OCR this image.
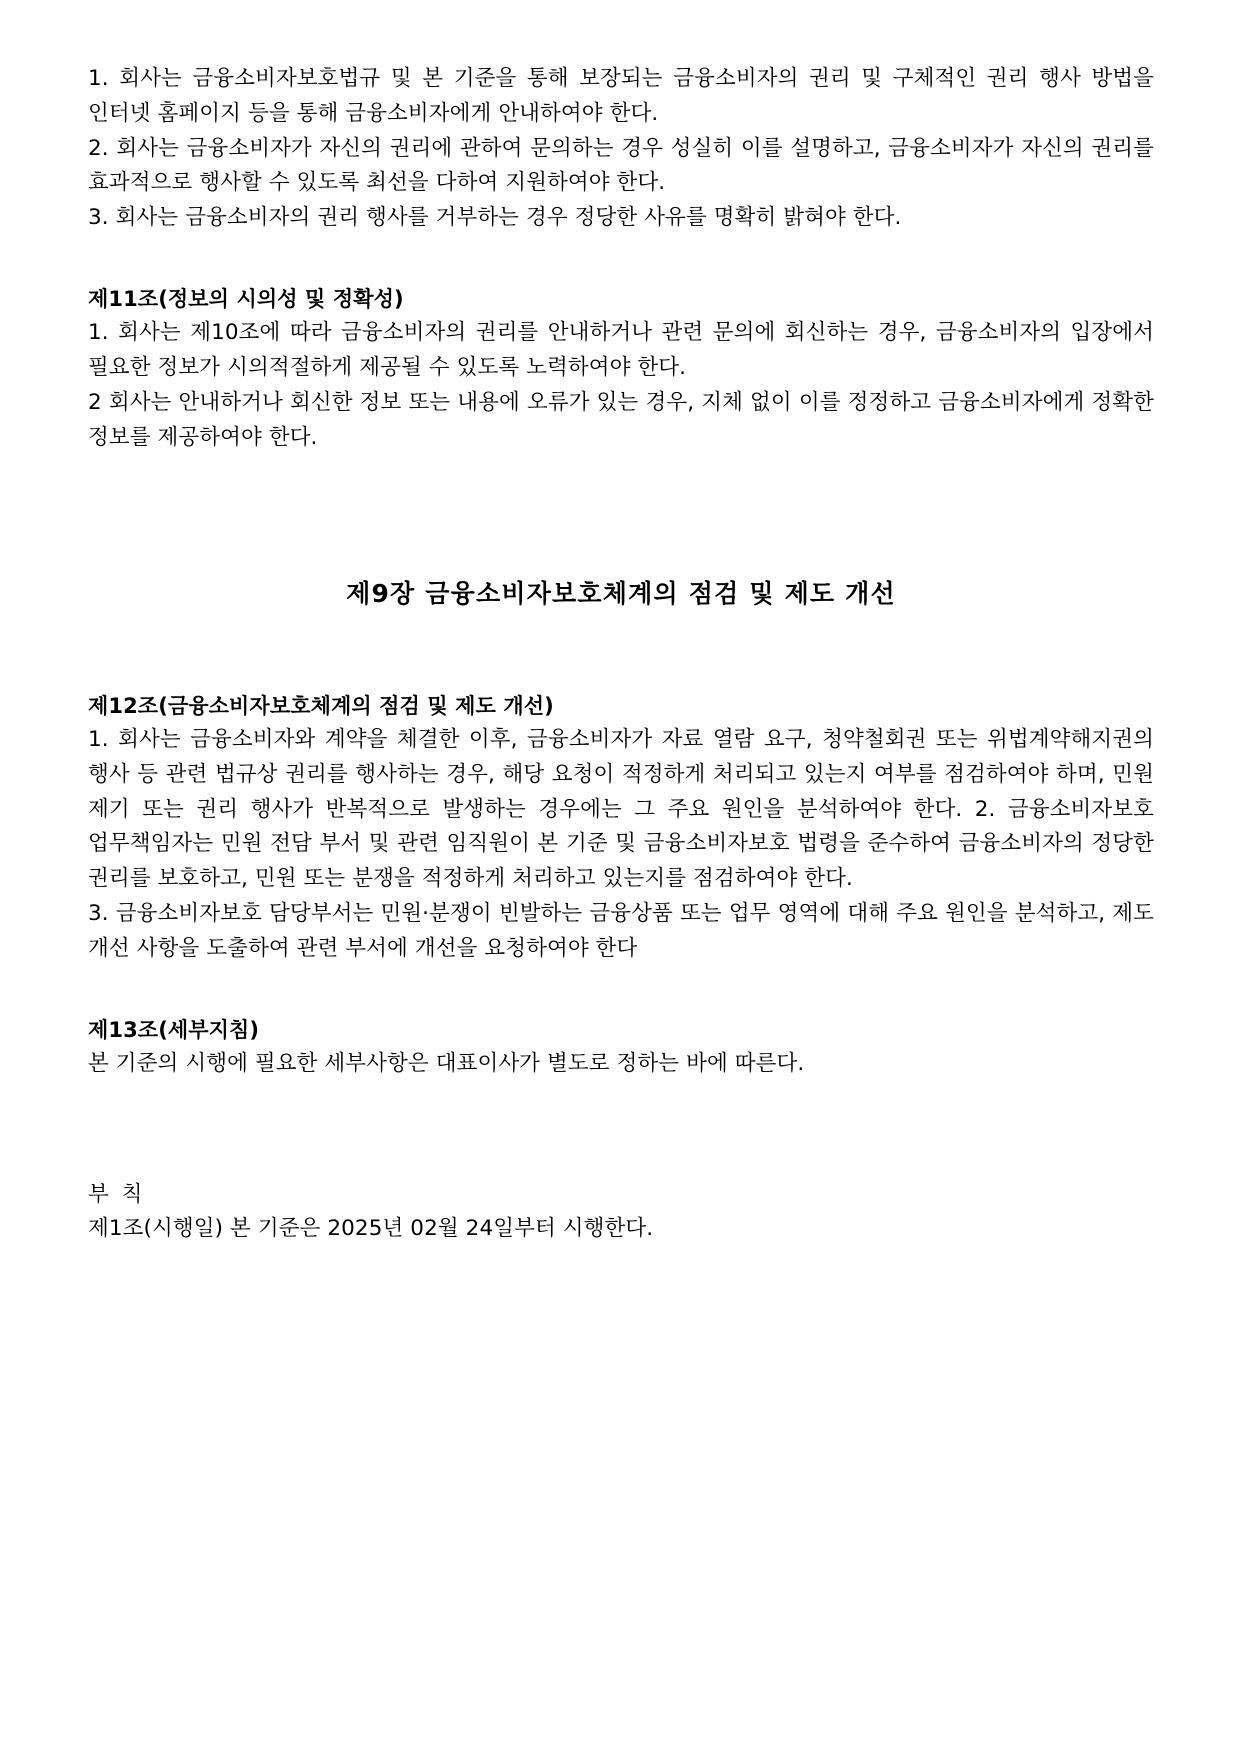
1. 회사는 금융소비자보호법규 및 본 기준을 통해 보장되는 금융소비자의 권리 및 구체적인 권리 행사 방법을 인터넷 홈페이지 등을 통해 금융소비자에게 안내하여야 한다.

2. 회사는 금융소비자가 자신의 권리에 관하여 문의하는 경우 성실히 이를 설명하고, 금융소비자가 자신의 권리를 효과적으로 행사할 수 있도록 최선을 다하여 지원하여야 한다.

3. 회사는 금융소비자의 권리 행사를 거부하는 경우 정당한 사유를 명확히 밝혀야 한다.

제11조(정보의 시의성 및 정확성)

1. 회사는 제10조에 따라 금융소비자의 권리를 안내하거나 관련 문의에 회신하는 경우, 금융소비자의 입장에서 필요한 정보가 시의적절하게 제공될 수 있도록 노력하여야 한다.

2 회사는 안내하거나 회신한 정보 또는 내용에 오류가 있는 경우, 지체 없이 이를 정정하고 금융소비자에게 정확한 정보를 제공하여야 한다.

제9장 금융소비자보호체계의 점검 및 제도 개선
제12조(금융소비자보호체계의 점검 및 제도 개선)

1. 회사는 금융소비자와 계약을 체결한 이후, 금융소비자가 자료 열람 요구, 청약철회권 또는 위법계약해지권의 행사 등 관련 법규상 권리를 행사하는 경우, 해당 요청이 적정하게 처리되고 있는지 여부를 점검하여야 하며, 민원 제기 또는 권리 행사가 반복적으로 발생하는 경우에는 그 주요 원인을 분석하여야 한다. 2. 금융소비자보호 업무책임자는 민원 전담 부서 및 관련 임직원이 본 기준 및 금융소비자보호 법령을 준수하여 금융소비자의 정당한 권리를 보호하고, 민원 또는 분쟁을 적정하게 처리하고 있는지를 점검하여야 한다.

3. 금융소비자보호 담당부서는 민원·분쟁이 빈발하는 금융상품 또는 업무 영역에 대해 주요 원인을 분석하고, 제도 개선 사항을 도출하여 관련 부서에 개선을 요청하여야 한다

제13조(세부지침)

본 기준의 시행에 필요한 세부사항은 대표이사가 별도로 정하는 바에 따른다.

부 칙

제1조(시행일) 본 기준은 2025년 02월 24일부터 시행한다.
